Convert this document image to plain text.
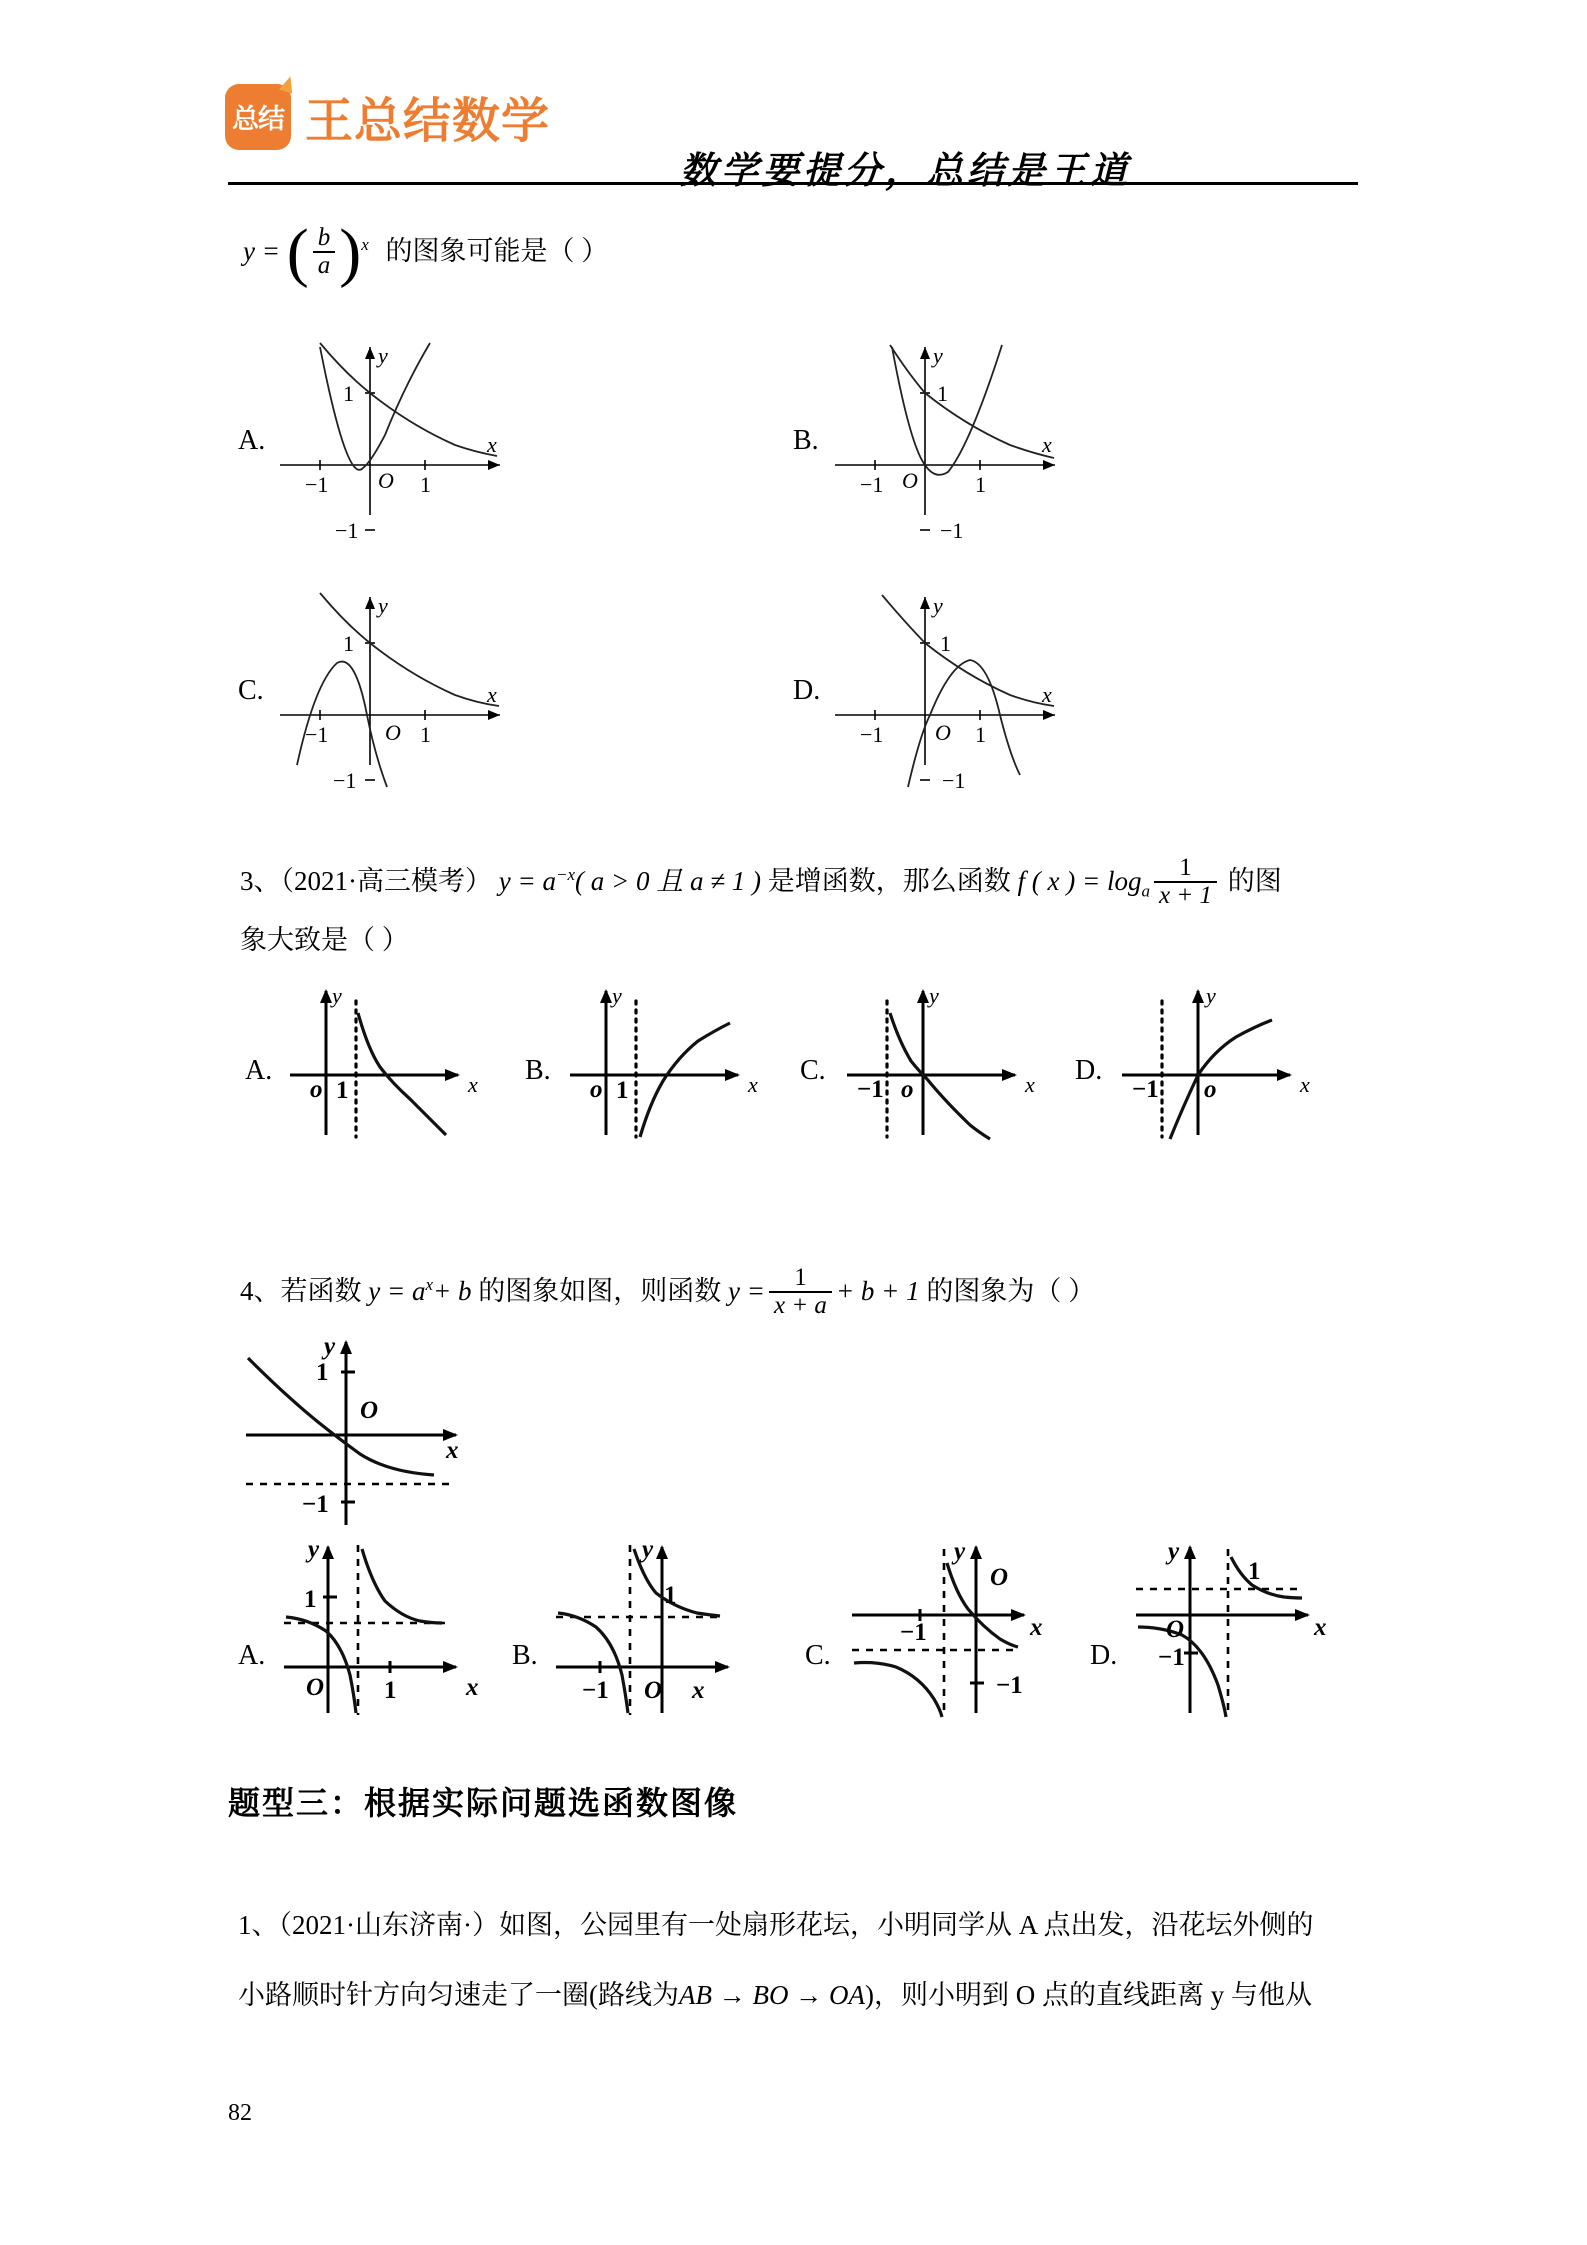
总结 王总结数学
数学要提分，总结是王道
y = ( $\frac{b}{a} )^x$ 的图象可能是（ ）
A.	x
y
O
−1	1
1
−1
B.	x
y
O
−1	1
1
−1
C.	x
y
O
−1	1
1
−1
D.	x
y
O
−1	1
1
−1
3、（2021·高三模考） $y = a^{-x}$( a > 0 且 a ≠ 1 ) 是增函数，那么函数 f ( x ) = $\log_a \frac{1}{x + 1}$ 的图
象大致是（ ）
A.
o 1	x
y
B.
o 1	x
y
C.
−1 o	x
y
D.
−1 o	x
y
4、若函数 $y = a^x+ b$ 的图象如图，则函数 $y = \frac{1}{x + a} + b + 1$ 的图象为（ ）
1
−1
O
x
y
A.
1
O 1	x
y
B.
1
−1 O x
y
C.
−1
O
−1
x
y
D.
1
O
−1
x
y
题型三：根据实际问题选函数图像
1、（2021·山东济南·）如图，公园里有一处扇形花坛，小明同学从 A 点出发，沿花坛外侧的
小路顺时针方向匀速走了一圈(路线为AB → BO → OA)，则小明到 O 点的直线距离 y 与他从
82
